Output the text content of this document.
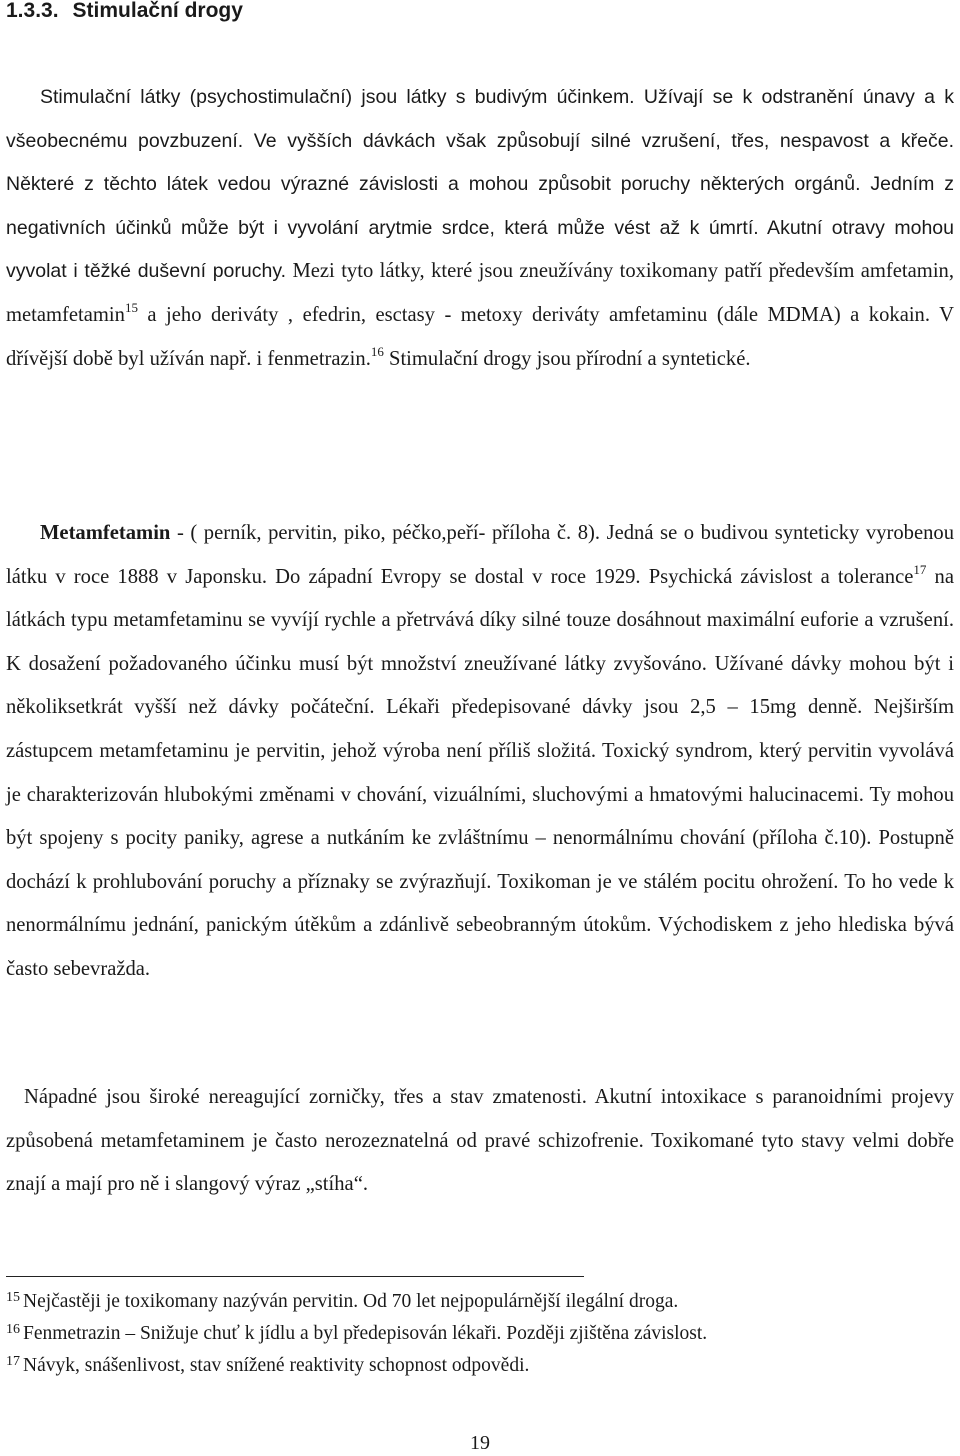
1.3.3. Stimulační drogy

Stimulační látky (psychostimulační) jsou látky s budivým účinkem. Užívají se k odstranění únavy a k všeobecnému povzbuzení. Ve vyšších dávkách však způsobují silné vzrušení, třes, nespavost a křeče. Některé z těchto látek vedou výrazné závislosti a mohou způsobit poruchy některých orgánů. Jedním z negativních účinků může být i vyvolání arytmie srdce, která může vést až k úmrtí. Akutní otravy mohou vyvolat i těžké duševní poruchy. Mezi tyto látky, které jsou zneužívány toxikomany patří především amfetamin, metamfetamin$^{15}$ a jeho deriváty , efedrin, esctasy - metoxy deriváty amfetaminu (dále MDMA) a kokain. V dřívější době byl užíván např. i fenmetrazin.$^{16}$ Stimulační drogy jsou přírodní a syntetické.

Metamfetamin - ( perník, pervitin, piko, péčko,peří- příloha č. 8). Jedná se o budivou synteticky vyrobenou látku v roce 1888 v Japonsku. Do západní Evropy se dostal v roce 1929. Psychická závislost a tolerance$^{17}$ na látkách typu metamfetaminu se vyvíjí rychle a přetrvává díky silné touze dosáhnout maximální euforie a vzrušení. K dosažení požadovaného účinku musí být množství zneužívané látky zvyšováno. Užívané dávky mohou být i několiksetkrát vyšší než dávky počáteční. Lékaři předepisované dávky jsou 2,5 – 15mg denně. Nejširším zástupcem metamfetaminu je pervitin, jehož výroba není příliš složitá. Toxický syndrom, který pervitin vyvolává je charakterizován hlubokými změnami v chování, vizuálními, sluchovými a hmatovými halucinacemi. Ty mohou být spojeny s pocity paniky, agrese a nutkáním ke zvláštnímu – nenormálnímu chování (příloha č.10). Postupně dochází k prohlubování poruchy a příznaky se zvýrazňují. Toxikoman je ve stálém pocitu ohrožení. To ho vede k nenormálnímu jednání, panickým útěkům a zdánlivě sebeobranným útokům. Východiskem z jeho hlediska bývá často sebevražda.

Nápadné jsou široké nereagující zorničky, třes a stav zmatenosti. Akutní intoxikace s paranoidními projevy způsobená metamfetaminem je často nerozeznatelná od pravé schizofrenie. Toxikomané tyto stavy velmi dobře znají a mají pro ně i slangový výraz „stíha“.

$^{15}$ Nejčastěji je toxikomany nazýván pervitin. Od 70 let nejpopulárnější ilegální droga.
$^{16}$ Fenmetrazin – Snižuje chuť k jídlu a byl předepisován lékaři. Později zjištěna závislost.
$^{17}$ Návyk, snášenlivost, stav snížené reaktivity schopnost odpovědi.
19
